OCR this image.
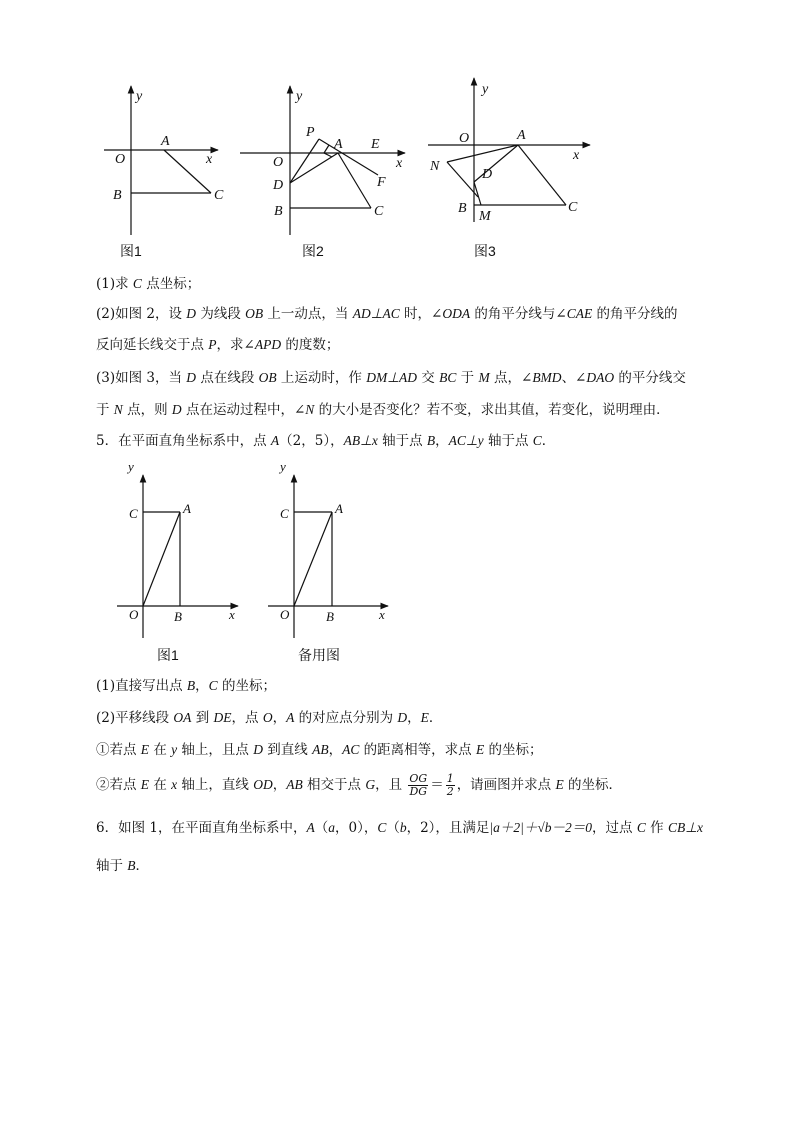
y
x
O
A
B	C
图1
y
x
O
P
A E
D	F
B	C
图2
y
x
O	A
N
D
B
M
C
图3
(1)求 C 点坐标；
(2)如图 2，设 D 为线段 OB 上一动点，当 AD⊥AC 时，∠ODA 的角平分线与∠CAE 的角平分线的
反向延长线交于点 P，求∠APD 的度数；
(3)如图 3，当 D 点在线段 OB 上运动时，作 DM⊥AD 交 BC 于 M 点，∠BMD、∠DAO 的平分线交
于 N 点，则 D 点在运动过程中，∠N 的大小是否变化？若不变，求出其值，若变化，说明理由．
5．在平面直角坐标系中，点 A（2，5），AB⊥x 轴于点 B，AC⊥y 轴于点 C．
y
x
O
A
B
C
图1
y
x
O
A
B
C
备用图
(1)直接写出点 B，C 的坐标；
(2)平移线段 OA 到 DE，点 O，A 的对应点分别为 D，E．
①若点 E 在 y 轴上，且点 D 到直线 AB，AC 的距离相等，求点 E 的坐标；
②若点 E 在 x 轴上，直线 OD，AB 相交于点 G，且 $\frac{OG}{DG} = \frac{1}{2}$ ，请画图并求点 E 的坐标．
6．如图 1，在平面直角坐标系中，A（a，0），C（b，2），且满足|a＋2|＋√b－2＝0，过点 C 作 CB⊥x
轴于 B．
